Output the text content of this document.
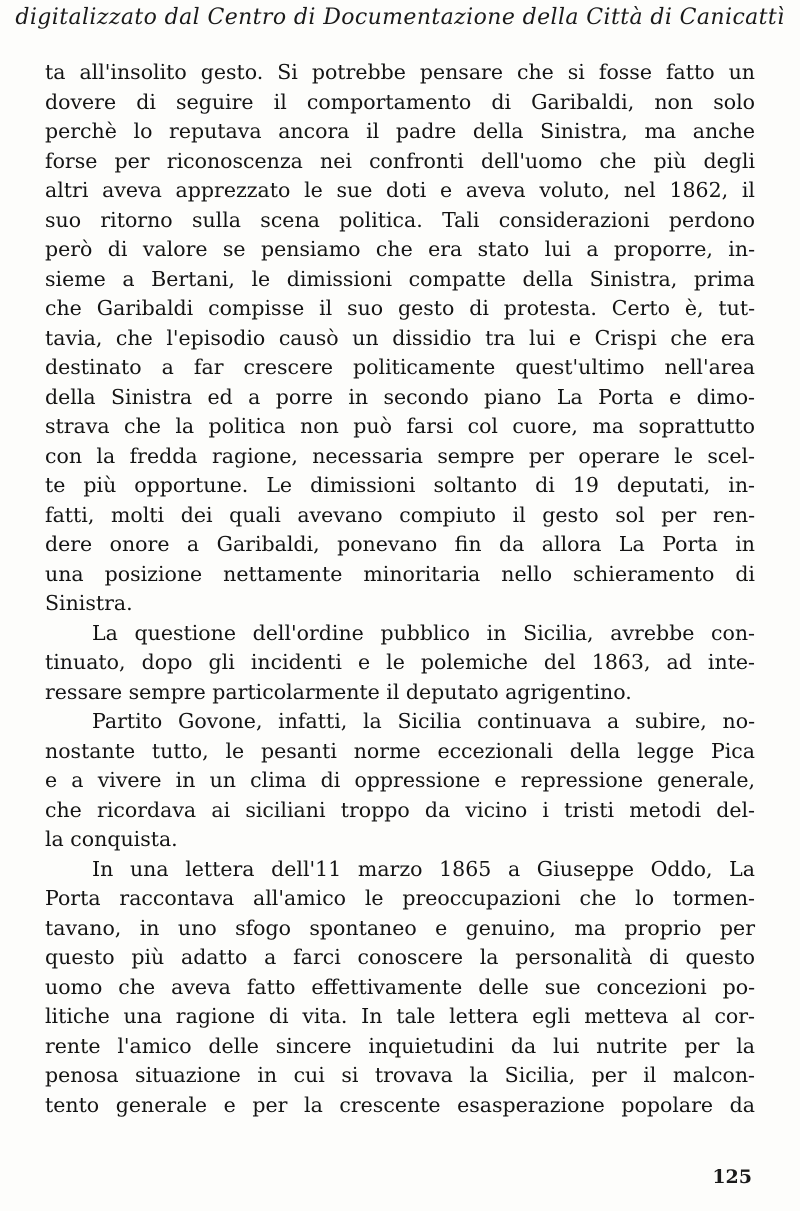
digitalizzato dal Centro di Documentazione della Città di Canicattì
ta all'insolito gesto. Si potrebbe pensare che si fosse fatto un
dovere di seguire il comportamento di Garibaldi, non solo
perchè lo reputava ancora il padre della Sinistra, ma anche
forse per riconoscenza nei confronti dell'uomo che più degli
altri aveva apprezzato le sue doti e aveva voluto, nel 1862, il
suo ritorno sulla scena politica. Tali considerazioni perdono
però di valore se pensiamo che era stato lui a proporre, in-
sieme a Bertani, le dimissioni compatte della Sinistra, prima
che Garibaldi compisse il suo gesto di protesta. Certo è, tut-
tavia, che l'episodio causò un dissidio tra lui e Crispi che era
destinato a far crescere politicamente quest'ultimo nell'area
della Sinistra ed a porre in secondo piano La Porta e dimo-
strava che la politica non può farsi col cuore, ma soprattutto
con la fredda ragione, necessaria sempre per operare le scel-
te più opportune. Le dimissioni soltanto di 19 deputati, in-
fatti, molti dei quali avevano compiuto il gesto sol per ren-
dere onore a Garibaldi, ponevano fin da allora La Porta in
una posizione nettamente minoritaria nello schieramento di
Sinistra.
La questione dell'ordine pubblico in Sicilia, avrebbe con-
tinuato, dopo gli incidenti e le polemiche del 1863, ad inte-
ressare sempre particolarmente il deputato agrigentino.
Partito Govone, infatti, la Sicilia continuava a subire, no-
nostante tutto, le pesanti norme eccezionali della legge Pica
e a vivere in un clima di oppressione e repressione generale,
che ricordava ai siciliani troppo da vicino i tristi metodi del-
la conquista.
In una lettera dell'11 marzo 1865 a Giuseppe Oddo, La
Porta raccontava all'amico le preoccupazioni che lo tormen-
tavano, in uno sfogo spontaneo e genuino, ma proprio per
questo più adatto a farci conoscere la personalità di questo
uomo che aveva fatto effettivamente delle sue concezioni po-
litiche una ragione di vita. In tale lettera egli metteva al cor-
rente l'amico delle sincere inquietudini da lui nutrite per la
penosa situazione in cui si trovava la Sicilia, per il malcon-
tento generale e per la crescente esasperazione popolare da
125
